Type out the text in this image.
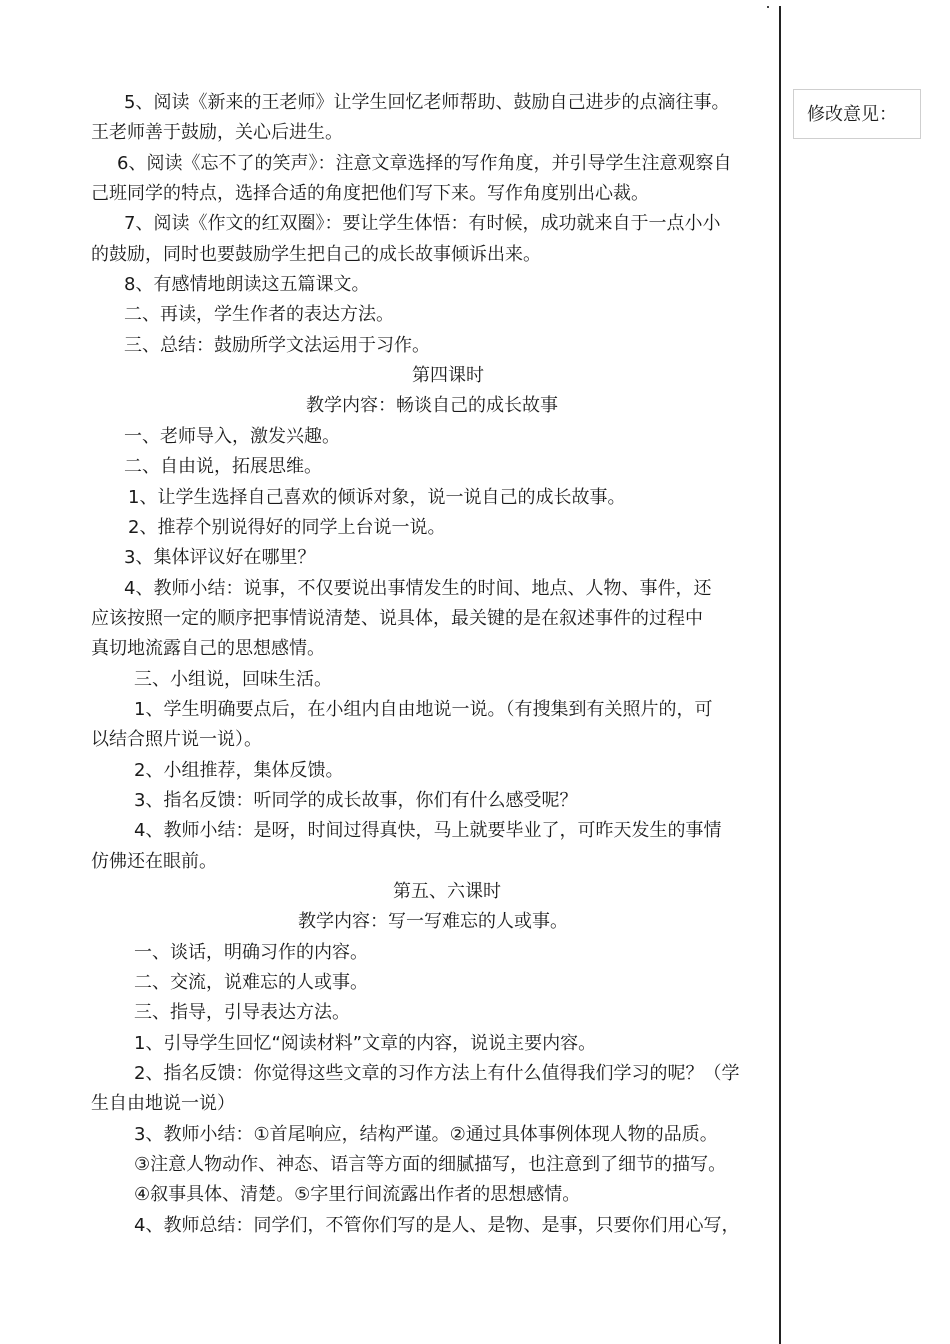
修改意见：
5、阅读《新来的王老师》让学生回忆老师帮助、鼓励自己进步的点滴往事。
王老师善于鼓励，关心后进生。
6、阅读《忘不了的笑声》：注意文章选择的写作角度，并引导学生注意观察自
己班同学的特点，选择合适的角度把他们写下来。写作角度别出心裁。
7、阅读《作文的红双圈》：要让学生体悟：有时候，成功就来自于一点小小
的鼓励，同时也要鼓励学生把自己的成长故事倾诉出来。
8、有感情地朗读这五篇课文。
二、再读，学生作者的表达方法。
三、总结：鼓励所学文法运用于习作。
第四课时
教学内容：畅谈自己的成长故事
一、老师导入，激发兴趣。
二、自由说，拓展思维。
1、让学生选择自己喜欢的倾诉对象，说一说自己的成长故事。
2、推荐个别说得好的同学上台说一说。
3、集体评议好在哪里？
4、教师小结：说事，不仅要说出事情发生的时间、地点、人物、事件，还
应该按照一定的顺序把事情说清楚、说具体，最关键的是在叙述事件的过程中
真切地流露自己的思想感情。
三、小组说，回味生活。
1、学生明确要点后，在小组内自由地说一说。（有搜集到有关照片的，可
以结合照片说一说）。
2、小组推荐，集体反馈。
3、指名反馈：听同学的成长故事，你们有什么感受呢？
4、教师小结：是呀，时间过得真快，马上就要毕业了，可昨天发生的事情
仿佛还在眼前。
第五、六课时
教学内容：写一写难忘的人或事。
一、谈话，明确习作的内容。
二、交流，说难忘的人或事。
三、指导，引导表达方法。
1、引导学生回忆“阅读材料”文章的内容，说说主要内容。
2、指名反馈：你觉得这些文章的习作方法上有什么值得我们学习的呢？（学
生自由地说一说）
3、教师小结：①首尾响应，结构严谨。②通过具体事例体现人物的品质。
③注意人物动作、神态、语言等方面的细腻描写，也注意到了细节的描写。
④叙事具体、清楚。⑤字里行间流露出作者的思想感情。
4、教师总结：同学们，不管你们写的是人、是物、是事，只要你们用心写，
